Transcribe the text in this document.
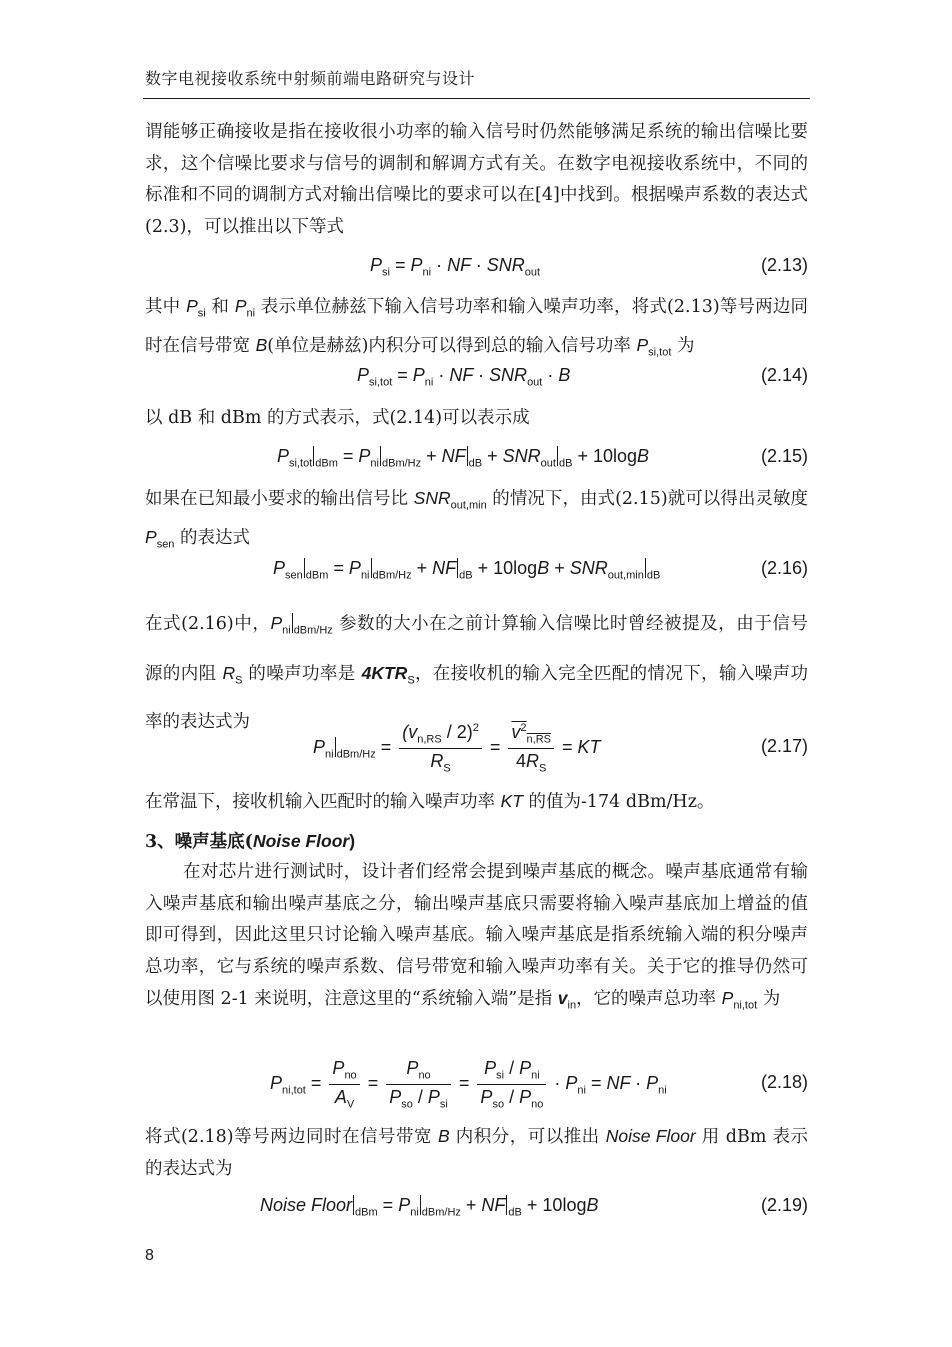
数字电视接收系统中射频前端电路研究与设计

谓能够正确接收是指在接收很小功率的输入信号时仍然能够满足系统的输出信噪比要求，这个信噪比要求与信号的调制和解调方式有关。在数字电视接收系统中，不同的标准和不同的调制方式对输出信噪比的要求可以在[4]中找到。根据噪声系数的表达式(2.3)，可以推出以下等式

$P_{si} = P_{ni}$ · NF · $SNR_{out}$	(2.13)

其中 $P_{si}$ 和 $P_{ni}$ 表示单位赫兹下输入信号功率和输入噪声功率，将式(2.13)等号两边同时在信号带宽 B(单位是赫兹)内积分可以得到总的输入信号功率 $P_{si,tot}$ 为

$P_{si,tot} = P_{ni}$ · NF · $SNR_{out} \cdot B$	(2.14)

以 dB 和 dBm 的方式表示，式(2.14)可以表示成

$P_{si,tot}$ $_{dBm} = P_{ni}$ $_{dBm/Hz}$ + NF $_{dB} + SNR_{out}$ $_{dB}$ + 10logB	(2.15)

如果在已知最小要求的输出信号比 $SNR_{out,min}$ 的情况下，由式(2.15)就可以得出灵敏度 $P_{sen}$ 的表达式

$P_{sen}$ $_{dBm} = P_{ni}$ $_{dBm/Hz}$ + NF $_{dB} + 10\log B + SNR_{out,min}$ $_{dB}$	(2.16)

在式(2.16)中，$P_{ni}$ $_{dBm/Hz}$ 参数的大小在之前计算输入信噪比时曾经被提及，由于信号源的内阻 $R_S$ 的噪声功率是 $4KTR_S$，在接收机的输入完全匹配的情况下，输入噪声功率的表达式为

$P_{ni}$ $_{dBm/Hz} = \frac{(v_{n,RS} / 2)^2}{R_S} = \frac{v^2_{n,RS}}{4R_S}$ = KT	(2.17)

在常温下，接收机输入匹配时的输入噪声功率 KT 的值为-174 dBm/Hz。

3、噪声基底(Noise Floor)

在对芯片进行测试时，设计者们经常会提到噪声基底的概念。噪声基底通常有输入噪声基底和输出噪声基底之分，输出噪声基底只需要将输入噪声基底加上增益的值即可得到，因此这里只讨论输入噪声基底。输入噪声基底是指系统输入端的积分噪声总功率，它与系统的噪声系数、信号带宽和输入噪声功率有关。关于它的推导仍然可以使用图 2-1 来说明，注意这里的“系统输入端”是指 $v_{in}$，它的噪声总功率 $P_{ni,tot}$ 为

$P_{ni,tot} = \frac{P_{no}}{A_V} = \frac{P_{no}}{P_{so} / P_{si}} = \frac{P_{si} / P_{ni}}{P_{so} / P_{no}} \cdot P_{ni}$ = NF · $P_{ni}$	(2.18)

将式(2.18)等号两边同时在信号带宽 B 内积分，可以推出 Noise Floor 用 dBm 表示的表达式为

Noise Floor $_{dBm} = P_{ni}$ $_{dBm/Hz}$ + NF $_{dB}$ + 10logB	(2.19)
8
